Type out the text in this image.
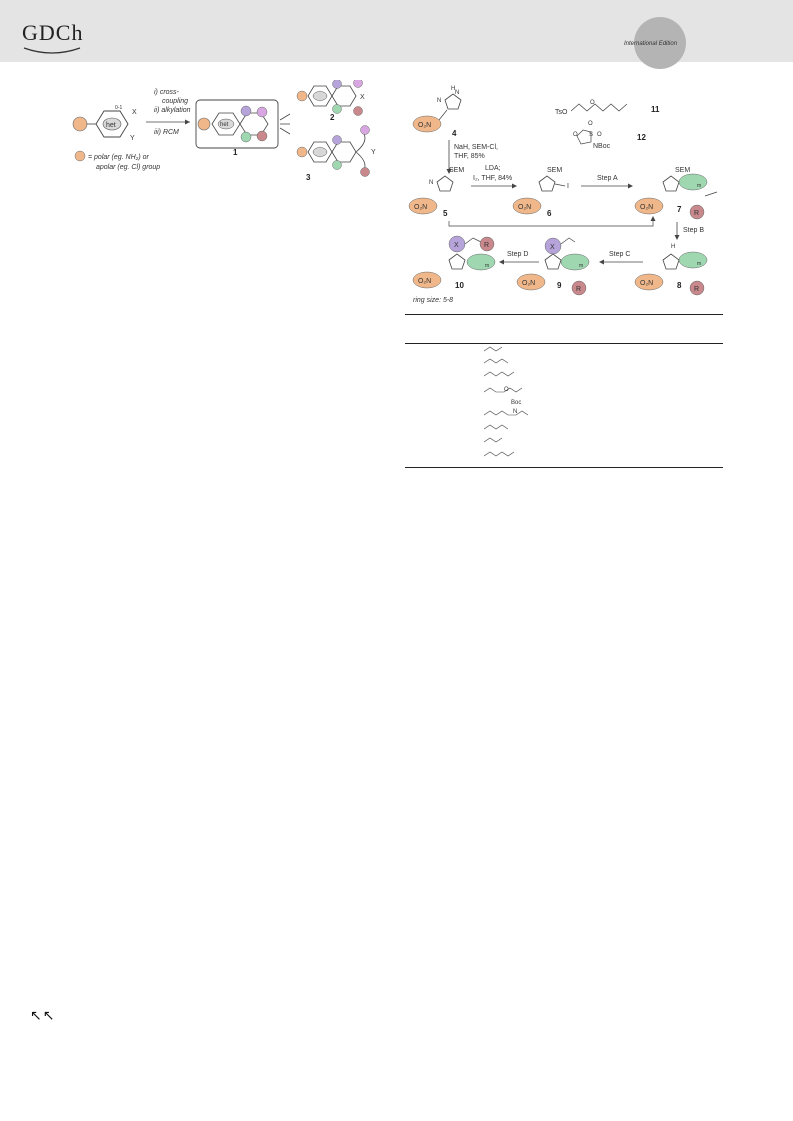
GDCh	International Edition
het
0-1
X
Y
i) cross-
coupling
ii) alkylation
iii) RCM
het
1
X
2
Y
3
= polar (eg. NH₂) or
apolar (eg. Cl) group
H
N
N
O₂N
4
NaH, SEM-Cl,
THF, 85%
TsO
O
11
O
O S O
NBoc
12
SEM
N
O₂N
5
LDA;
I₂, THF, 84%
SEM
I
O₂N
6
Step A
SEM
m
R
O₂N	7
Step B
H
m
R
O₂N	8
Step C
X
m
R
O₂N	9
Step D
X	R
m
O₂N	10
ring size: 5-8
O
Boc
N
↖↖
